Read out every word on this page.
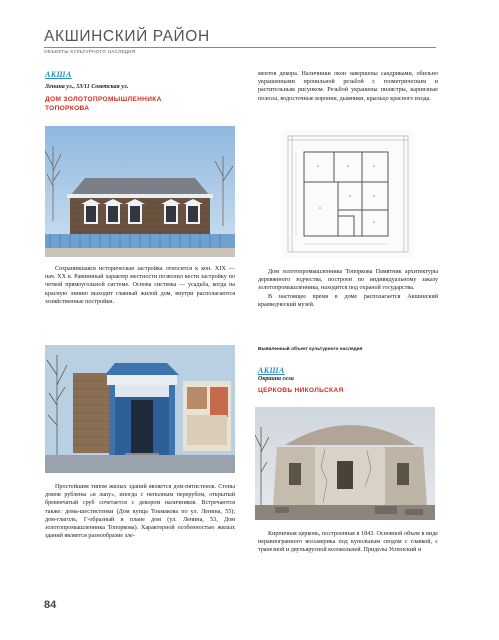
АКШИНСКИЙ РАЙОН
ОБЪЕКТЫ КУЛЬТУРНОГО НАСЛЕДИЯ
АКША
Ленина ул., 53/11 Советская ул.
ДОМ ЗОЛОТОПРОМЫШЛЕННИКА
ТОПОРКОВА

Сохранившаяся историческая застройка относится к кон. XIX — нач. XX в. Равнинный характер местности позволил вести застройку по четкой прямоугольной системе. Основа системы — усадьба, когда на красную линию выходит главный жилой дом, внутри располагаются хозяйственные постройки.

Простейшим типом жилых зданий является дом-пятистенок. Стены домов рублены «в лапу», иногда с неполным перерубом, открытый бревенчатый сруб сочетается с декором наличников. Встречаются также: дома-шестистенки (Дом купца Токмакова по ул. Ленина, 55); дом-глаголь, Г-образный в плане дом (ул. Ленина, 53, Дом золотопромышленника Топоркова). Характерной особенностью жилых зданий является разнообразие эле-

ментов декора. Наличники окон завершены сандриками, обильно украшенными пропильной резьбой с геометрическим и растительным рисунком. Резьбой украшены пилястры, карнизные полосы, водосточные воронки, дымники, крыльцо красного входа.

Дом золотопромышленника Топоркова Памятник архитектуры деревянного зодчества, построен по индивидуальному заказу золотопромышленника, находится под охраной государства.

В настоящее время в доме располагается Акшинский краеведческий музей.

Выявленный объект культурного наследия
АКША
Окраина села
ЦЕРКОВЬ НИКОЛЬСКАЯ

Кирпичная церковь, построенная в 1843. Основной объем в виде неравногранного восьмерика под купольным сводом с главкой, с трапезной и двухъярусной колокольней. Приделы Успенский и

84
